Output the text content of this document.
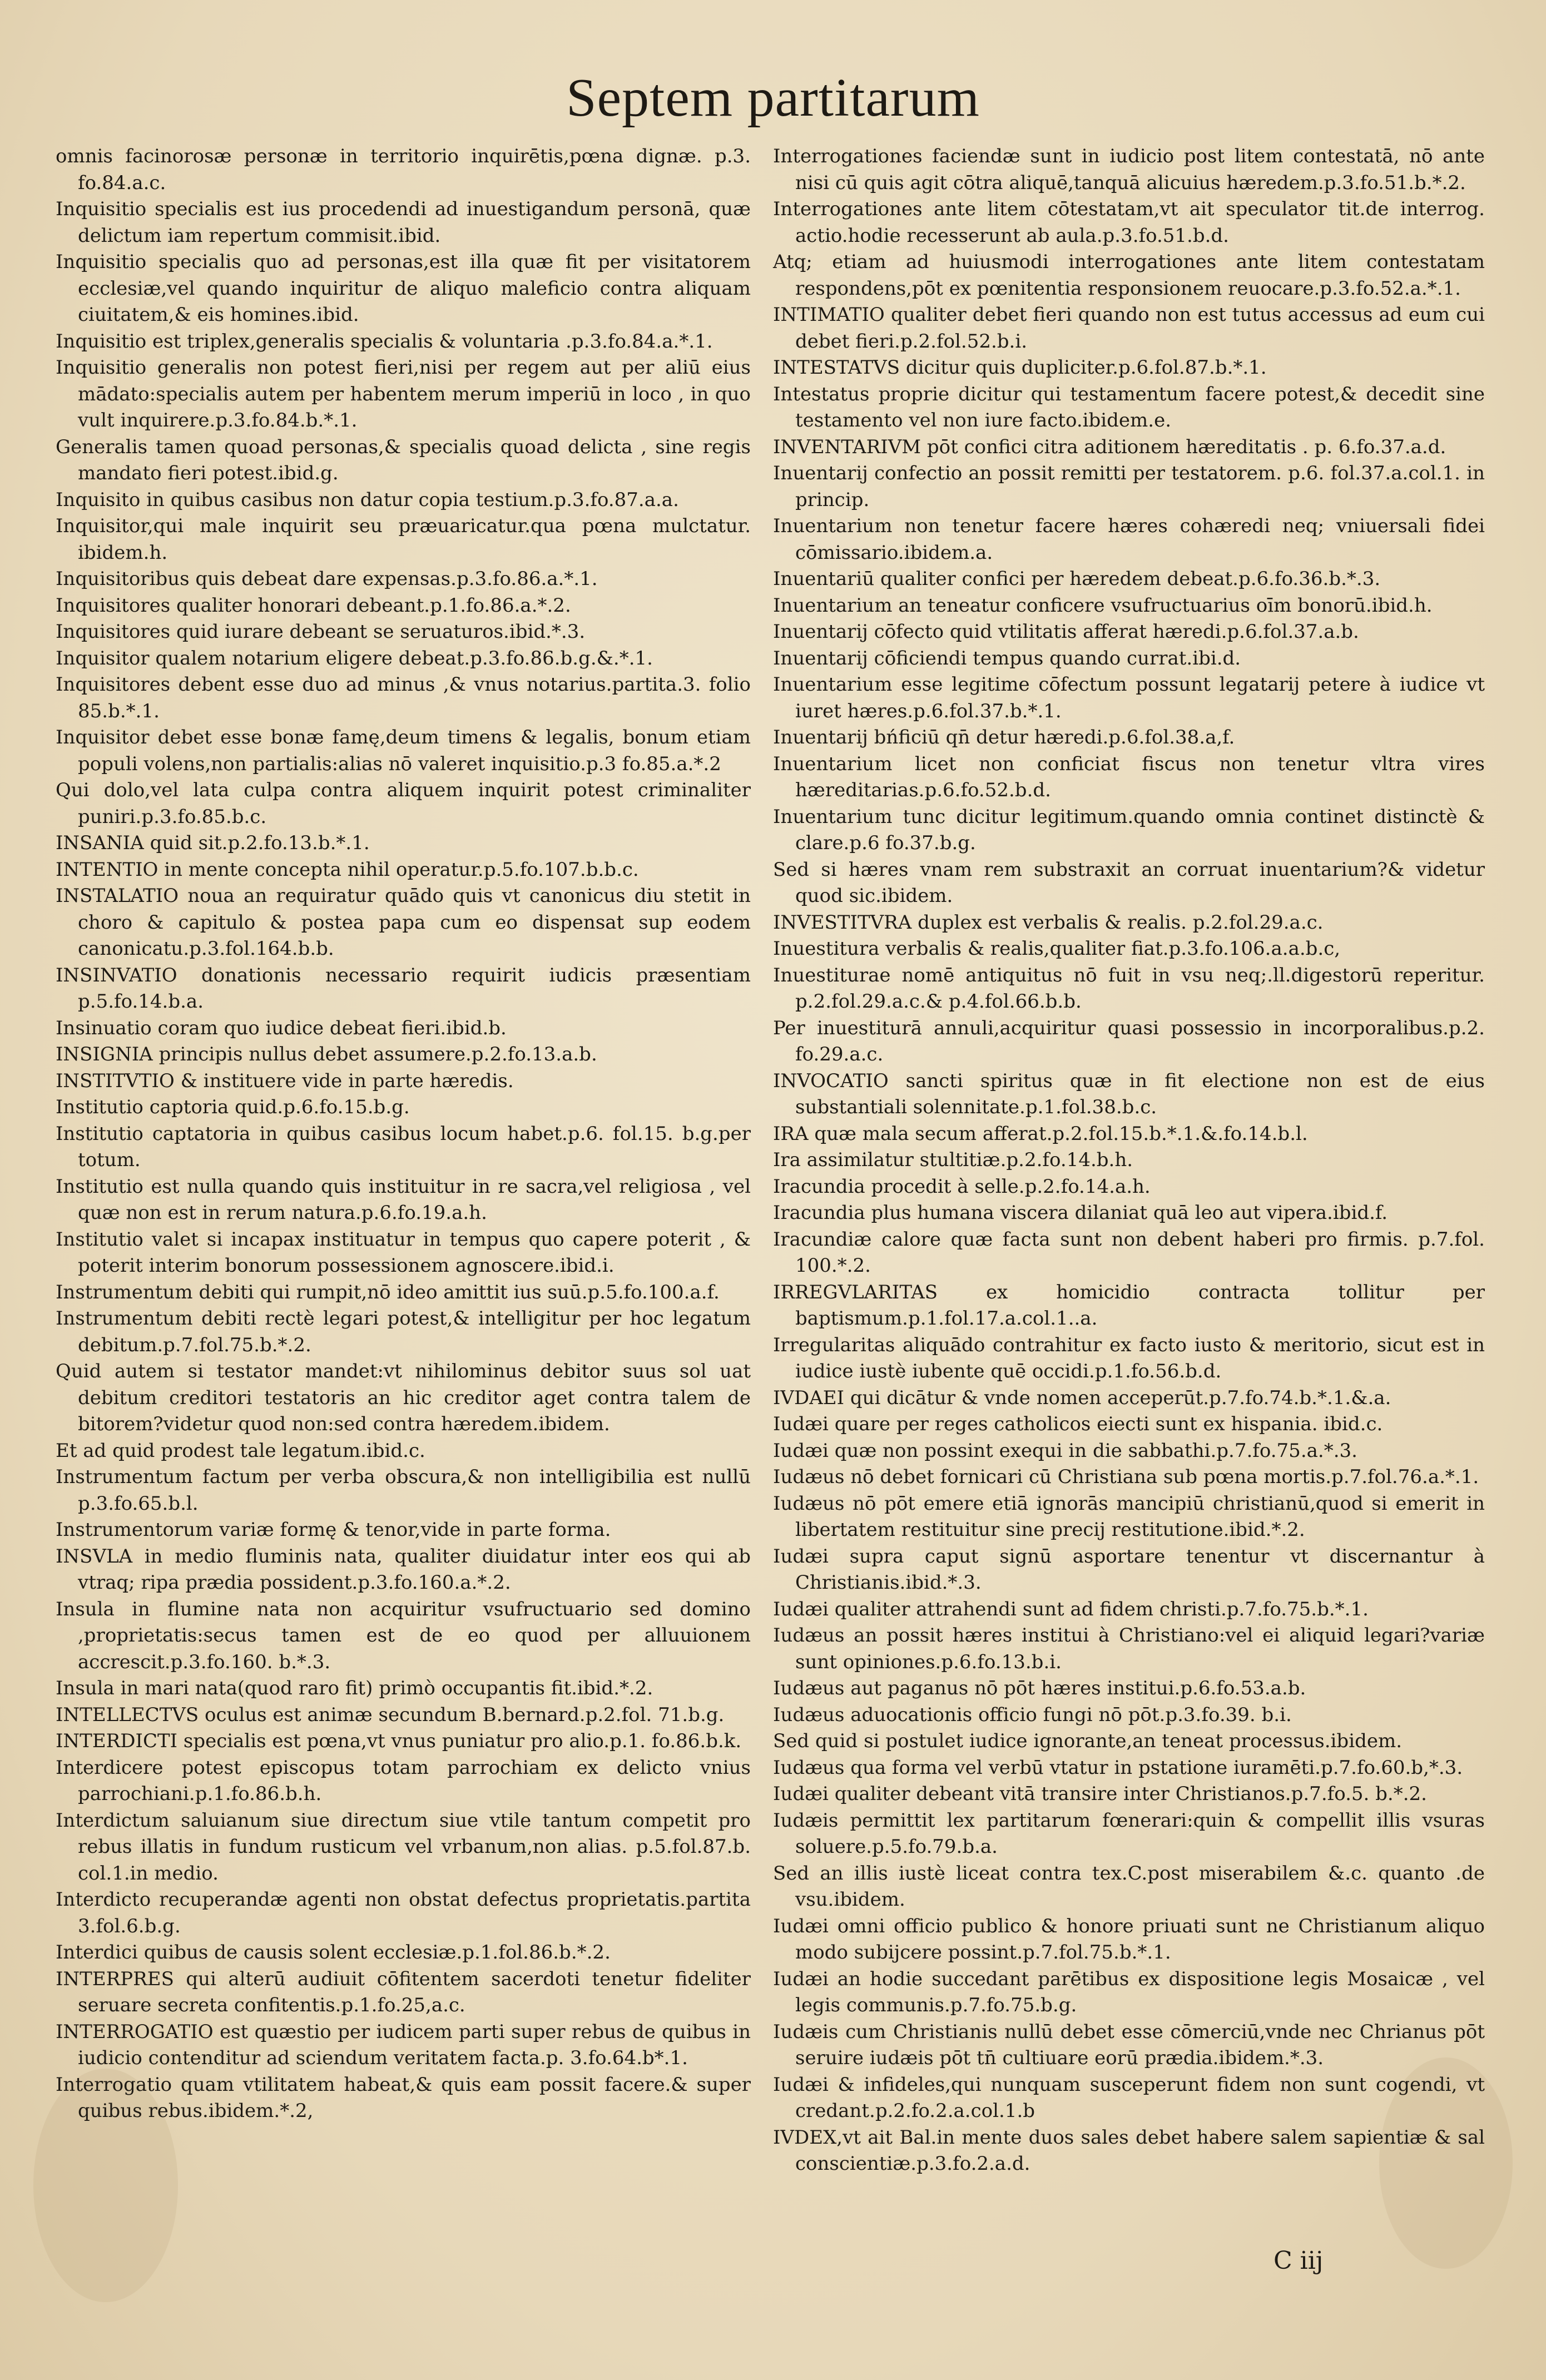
Septem partitarum

omnis facinorosæ personæ in territorio inquirētis,pœna dignæ. p.3. fo.84.a.c.

Inquisitio specialis est ius procedendi ad inuestigandum personā, quæ delictum iam repertum commisit.ibid.

Inquisitio specialis quo ad personas,est illa quæ fit per visitatorem ecclesiæ,vel quando inquiritur de aliquo maleficio contra aliquam ciuitatem,& eis homines.ibid.

Inquisitio est triplex,generalis specialis & voluntaria .p.3.fo.84.a.*.1.

Inquisitio generalis non potest fieri,nisi per regem aut per aliū eius mādato:specialis autem per habentem merum imperiū in loco , in quo vult inquirere.p.3.fo.84.b.*.1.

Generalis tamen quoad personas,& specialis quoad delicta , sine regis mandato fieri potest.ibid.g.

Inquisito in quibus casibus non datur copia testium.p.3.fo.87.a.a.

Inquisitor,qui male inquirit seu præuaricatur.qua pœna mulctatur. ibidem.h.

Inquisitoribus quis debeat dare expensas.p.3.fo.86.a.*.1.

Inquisitores qualiter honorari debeant.p.1.fo.86.a.*.2.

Inquisitores quid iurare debeant se seruaturos.ibid.*.3.

Inquisitor qualem notarium eligere debeat.p.3.fo.86.b.g.&.*.1.

Inquisitores debent esse duo ad minus ,& vnus notarius.partita.3. folio 85.b.*.1.

Inquisitor debet esse bonæ famę,deum timens & legalis, bonum etiam populi volens,non partialis:alias nō valeret inquisitio.p.3 fo.85.a.*.2

Qui dolo,vel lata culpa contra aliquem inquirit potest criminaliter puniri.p.3.fo.85.b.c.

INSANIA quid sit.p.2.fo.13.b.*.1.

INTENTIO in mente concepta nihil operatur.p.5.fo.107.b.b.c.

INSTALATIO noua an requiratur quādo quis vt canonicus diu stetit in choro & capitulo & postea papa cum eo dispensat sup eodem canonicatu.p.3.fol.164.b.b.

INSINVATIO donationis necessario requirit iudicis præsentiam p.5.fo.14.b.a.

Insinuatio coram quo iudice debeat fieri.ibid.b.

INSIGNIA principis nullus debet assumere.p.2.fo.13.a.b.

INSTITVTIO & instituere vide in parte hæredis.

Institutio captoria quid.p.6.fo.15.b.g.

Institutio captatoria in quibus casibus locum habet.p.6. fol.15. b.g.per totum.

Institutio est nulla quando quis instituitur in re sacra,vel religiosa , vel quæ non est in rerum natura.p.6.fo.19.a.h.

Institutio valet si incapax instituatur in tempus quo capere poterit , & poterit interim bonorum possessionem agnoscere.ibid.i.

Instrumentum debiti qui rumpit,nō ideo amittit ius suū.p.5.fo.100.a.f.

Instrumentum debiti rectè legari potest,& intelligitur per hoc legatum debitum.p.7.fol.75.b.*.2.

Quid autem si testator mandet:vt nihilominus debitor suus sol uat debitum creditori testatoris an hic creditor aget contra talem de bitorem?videtur quod non:sed contra hæredem.ibidem.

Et ad quid prodest tale legatum.ibid.c.

Instrumentum factum per verba obscura,& non intelligibilia est nullū p.3.fo.65.b.l.

Instrumentorum variæ formę & tenor,vide in parte forma.

INSVLA in medio fluminis nata, qualiter diuidatur inter eos qui ab vtraq; ripa prædia possident.p.3.fo.160.a.*.2.

Insula in flumine nata non acquiritur vsufructuario sed domino ,proprietatis:secus tamen est de eo quod per alluuionem accrescit.p.3.fo.160. b.*.3.

Insula in mari nata(quod raro fit) primò occupantis fit.ibid.*.2.

INTELLECTVS oculus est animæ secundum B.bernard.p.2.fol. 71.b.g.

INTERDICTI specialis est pœna,vt vnus puniatur pro alio.p.1. fo.86.b.k.

Interdicere potest episcopus totam parrochiam ex delicto vnius parrochiani.p.1.fo.86.b.h.

Interdictum saluianum siue directum siue vtile tantum competit pro rebus illatis in fundum rusticum vel vrbanum,non alias. p.5.fol.87.b. col.1.in medio.

Interdicto recuperandæ agenti non obstat defectus proprietatis.partita 3.fol.6.b.g.

Interdici quibus de causis solent ecclesiæ.p.1.fol.86.b.*.2.

INTERPRES qui alterū audiuit cōfitentem sacerdoti tenetur fideliter seruare secreta confitentis.p.1.fo.25,a.c.

INTERROGATIO est quæstio per iudicem parti super rebus de quibus in iudicio contenditur ad sciendum veritatem facta.p. 3.fo.64.b*.1.

Interrogatio quam vtilitatem habeat,& quis eam possit facere.& super quibus rebus.ibidem.*.2,

Interrogationes faciendæ sunt in iudicio post litem contestatā, nō ante nisi cū quis agit cōtra aliquē,tanquā alicuius hæredem.p.3.fo.51.b.*.2.

Interrogationes ante litem cōtestatam,vt ait speculator tit.de interrog. actio.hodie recesserunt ab aula.p.3.fo.51.b.d.

Atq; etiam ad huiusmodi interrogationes ante litem contestatam respondens,pōt ex pœnitentia responsionem reuocare.p.3.fo.52.a.*.1.

INTIMATIO qualiter debet fieri quando non est tutus accessus ad eum cui debet fieri.p.2.fol.52.b.i.

INTESTATVS dicitur quis dupliciter.p.6.fol.87.b.*.1.

Intestatus proprie dicitur qui testamentum facere potest,& decedit sine testamento vel non iure facto.ibidem.e.

INVENTARIVM pōt confici citra aditionem hæreditatis . p. 6.fo.37.a.d.

Inuentarij confectio an possit remitti per testatorem. p.6. fol.37.a.col.1. in princip.

Inuentarium non tenetur facere hæres cohæredi neq; vniuersali fidei cōmissario.ibidem.a.

Inuentariū qualiter confici per hæredem debeat.p.6.fo.36.b.*.3.

Inuentarium an teneatur conficere vsufructuarius oīm bonorū.ibid.h.

Inuentarij cōfecto quid vtilitatis afferat hæredi.p.6.fol.37.a.b.

Inuentarij cōficiendi tempus quando currat.ibi.d.

Inuentarium esse legitime cōfectum possunt legatarij petere à iudice vt iuret hæres.p.6.fol.37.b.*.1.

Inuentarij bńficiū qn̄ detur hæredi.p.6.fol.38.a,f.

Inuentarium licet non conficiat fiscus non tenetur vltra vires hæreditarias.p.6.fo.52.b.d.

Inuentarium tunc dicitur legitimum.quando omnia continet distinctè & clare.p.6 fo.37.b.g.

Sed si hæres vnam rem substraxit an corruat inuentarium?& videtur quod sic.ibidem.

INVESTITVRA duplex est verbalis & realis. p.2.fol.29.a.c.

Inuestitura verbalis & realis,qualiter fiat.p.3.fo.106.a.a.b.c,

Inuestiturae nomē antiquitus nō fuit in vsu neq;.ll.digestorū reperitur. p.2.fol.29.a.c.& p.4.fol.66.b.b.

Per inuestiturā annuli,acquiritur quasi possessio in incorporalibus.p.2. fo.29.a.c.

INVOCATIO sancti spiritus quæ in fit electione non est de eius substantiali solennitate.p.1.fol.38.b.c.

IRA quæ mala secum afferat.p.2.fol.15.b.*.1.&.fo.14.b.l.

Ira assimilatur stultitiæ.p.2.fo.14.b.h.

Iracundia procedit à selle.p.2.fo.14.a.h.

Iracundia plus humana viscera dilaniat quā leo aut vipera.ibid.f.

Iracundiæ calore quæ facta sunt non debent haberi pro firmis. p.7.fol. 100.*.2.

IRREGVLARITAS ex homicidio contracta tollitur per baptismum.p.1.fol.17.a.col.1..a.

Irregularitas aliquādo contrahitur ex facto iusto & meritorio, sicut est in iudice iustè iubente quē occidi.p.1.fo.56.b.d.

IVDAEI qui dicātur & vnde nomen acceperūt.p.7.fo.74.b.*.1.&.a.

Iudæi quare per reges catholicos eiecti sunt ex hispania. ibid.c.

Iudæi quæ non possint exequi in die sabbathi.p.7.fo.75.a.*.3.

Iudæus nō debet fornicari cū Christiana sub pœna mortis.p.7.fol.76.a.*.1.

Iudæus nō pōt emere etiā ignorās mancipiū christianū,quod si emerit in libertatem restituitur sine precij restitutione.ibid.*.2.

Iudæi supra caput signū asportare tenentur vt discernantur à Christianis.ibid.*.3.

Iudæi qualiter attrahendi sunt ad fidem christi.p.7.fo.75.b.*.1.

Iudæus an possit hæres institui à Christiano:vel ei aliquid legari?variæ sunt opiniones.p.6.fo.13.b.i.

Iudæus aut paganus nō pōt hæres institui.p.6.fo.53.a.b.

Iudæus aduocationis officio fungi nō pōt.p.3.fo.39. b.i.

Sed quid si postulet iudice ignorante,an teneat processus.ibidem.

Iudæus qua forma vel verbū vtatur in pstatione iuramēti.p.7.fo.60.b,*.3.

Iudæi qualiter debeant vitā transire inter Christianos.p.7.fo.5. b.*.2.

Iudæis permittit lex partitarum fœnerari:quin & compellit illis vsuras soluere.p.5.fo.79.b.a.

Sed an illis iustè liceat contra tex.C.post miserabilem &.c. quanto .de vsu.ibidem.

Iudæi omni officio publico & honore priuati sunt ne Christianum aliquo modo subijcere possint.p.7.fol.75.b.*.1.

Iudæi an hodie succedant parētibus ex dispositione legis Mosaicæ , vel legis communis.p.7.fo.75.b.g.

Iudæis cum Christianis nullū debet esse cōmerciū,vnde nec Chrianus pōt seruire iudæis pōt tn̄ cultiuare eorū prædia.ibidem.*.3.

Iudæi & infideles,qui nunquam susceperunt fidem non sunt cogendi, vt credant.p.2.fo.2.a.col.1.b

IVDEX,vt ait Bal.in mente duos sales debet habere salem sapientiæ & sal conscientiæ.p.3.fo.2.a.d.

C iij
